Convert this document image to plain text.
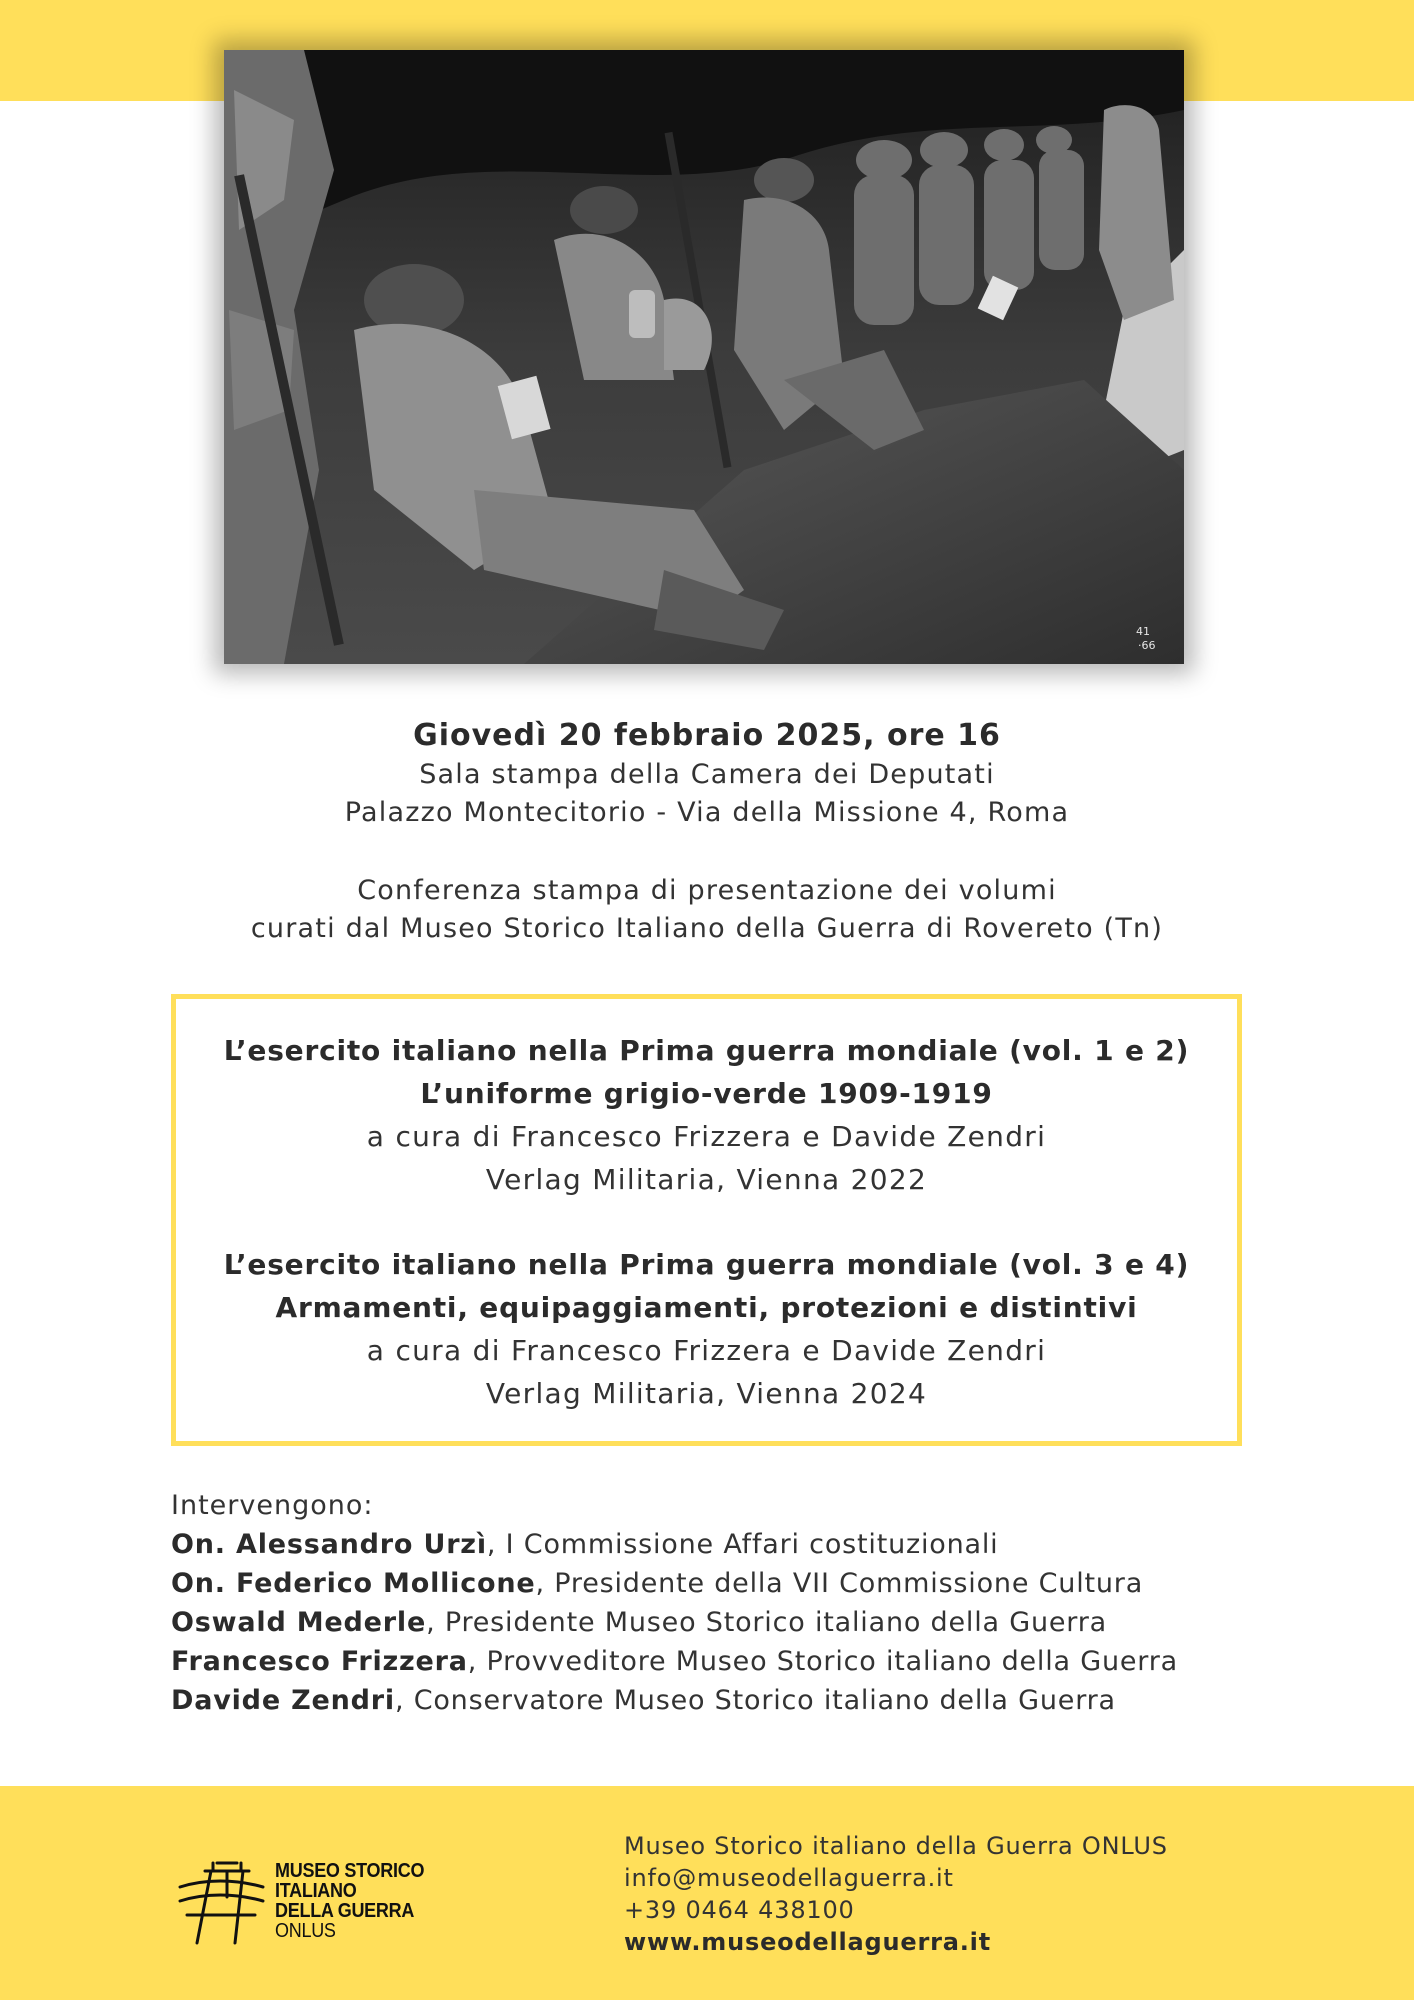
41
·66
Giovedì 20 febbraio 2025, ore 16
Sala stampa della Camera dei Deputati
Palazzo Montecitorio - Via della Missione 4, Roma
Conferenza stampa di presentazione dei volumi
curati dal Museo Storico Italiano della Guerra di Rovereto (Tn)
L’esercito italiano nella Prima guerra mondiale (vol. 1 e 2)
L’uniforme grigio-verde 1909-1919
a cura di Francesco Frizzera e Davide Zendri
Verlag Militaria, Vienna 2022
L’esercito italiano nella Prima guerra mondiale (vol. 3 e 4)
Armamenti, equipaggiamenti, protezioni e distintivi
a cura di Francesco Frizzera e Davide Zendri
Verlag Militaria, Vienna 2024
Intervengono:
On. Alessandro Urzì, I Commissione Affari costituzionali
On. Federico Mollicone, Presidente della VII Commissione Cultura
Oswald Mederle, Presidente Museo Storico italiano della Guerra
Francesco Frizzera, Provveditore Museo Storico italiano della Guerra
Davide Zendri, Conservatore Museo Storico italiano della Guerra
MUSEO STORICO
ITALIANO
DELLA GUERRA
ONLUS
Museo Storico italiano della Guerra ONLUS
info@museodellaguerra.it
+39 0464 438100
www.museodellaguerra.it
